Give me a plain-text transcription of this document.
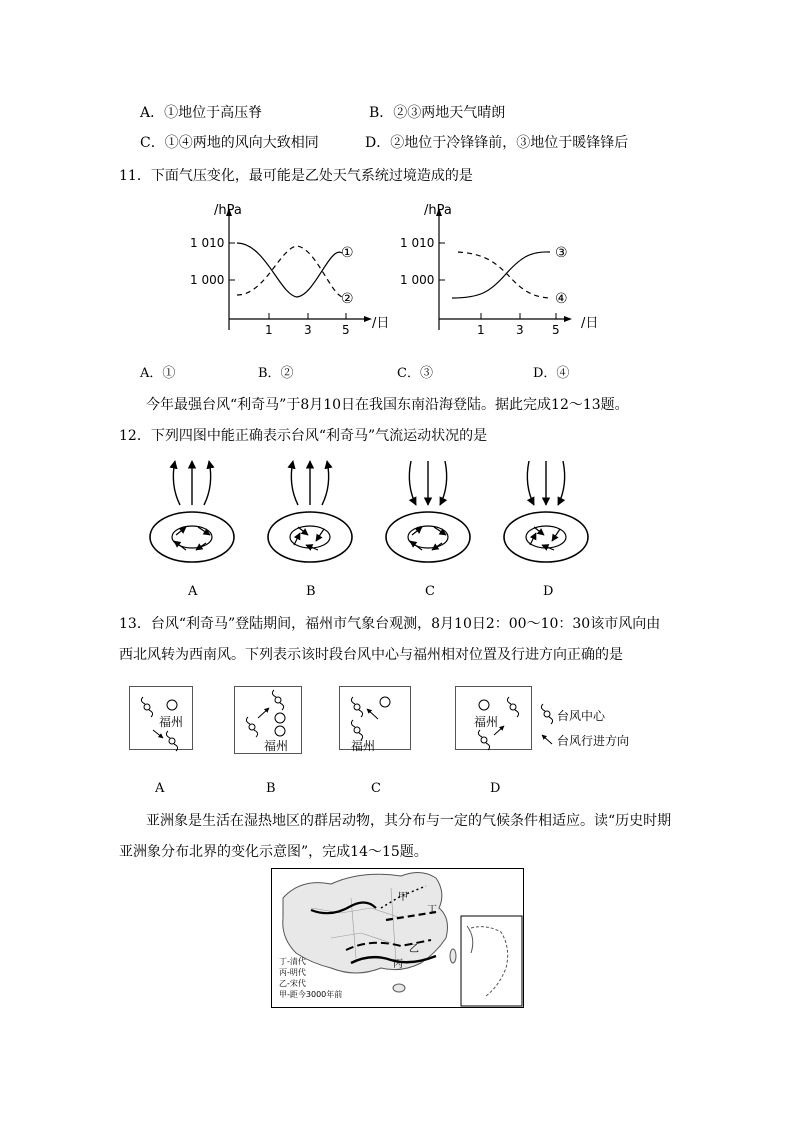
A．①地位于高压脊	B．②③两地天气晴朗
C．①④两地的风向大致相同	D．②地位于冷锋锋前，③地位于暖锋锋后
11．下面气压变化，最可能是乙处天气系统过境造成的是
/hPa
1 010
1 000
1	3	5 /日
①
②
/hPa
1 010
1 000
1	3 5 /日
③
④
A．①	B．②	C．③	D．④
今年最强台风“利奇马”于8月10日在我国东南沿海登陆。据此完成12～13题。
12．下列四图中能正确表示台风“利奇马”气流运动状况的是
A	B	C	D
13．台风“利奇马”登陆期间，福州市气象台观测，8月10日2：00～10：30该市风向由
西北风转为西南风。下列表示该时段台风中心与福州相对位置及行进方向正确的是
福州
福州	福州
福州	台风中心
台风行进方向
A	B	C	D
亚洲象是生活在湿热地区的群居动物，其分布与一定的气候条件相适应。读“历史时期
亚洲象分布北界的变化示意图”，完成14～15题。
甲
丁
乙
丙
丁-清代
丙-明代
乙-宋代
甲-距今3000年前
